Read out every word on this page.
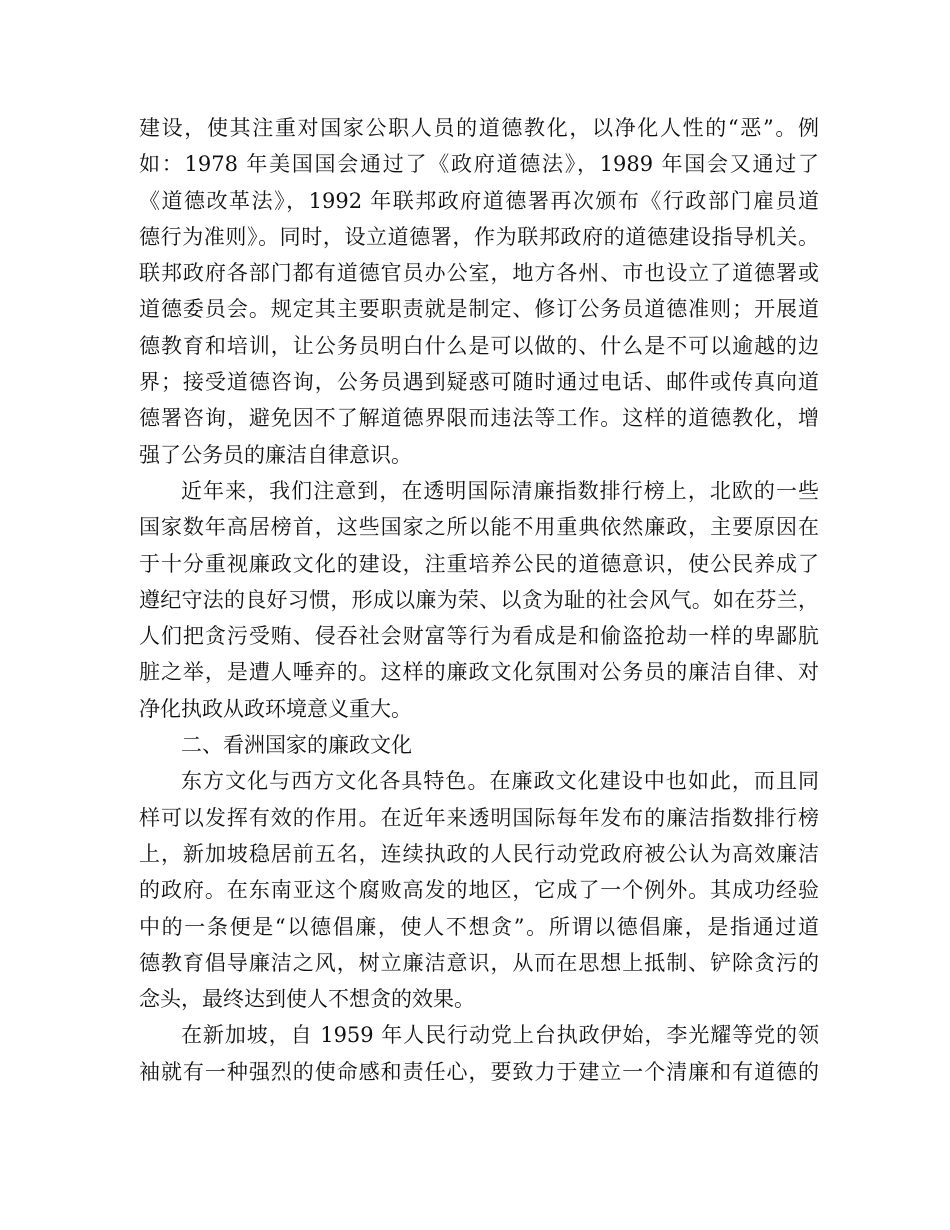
建设，使其注重对国家公职人员的道德教化，以净化人性的“恶”。例
如：1978 年美国国会通过了《政府道德法》，1989 年国会又通过了
《道德改革法》，1992 年联邦政府道德署再次颁布《行政部门雇员道
德行为准则》。同时，设立道德署，作为联邦政府的道德建设指导机关。
联邦政府各部门都有道德官员办公室，地方各州、市也设立了道德署或
道德委员会。规定其主要职责就是制定、修订公务员道德准则；开展道
德教育和培训，让公务员明白什么是可以做的、什么是不可以逾越的边
界；接受道德咨询，公务员遇到疑惑可随时通过电话、邮件或传真向道
德署咨询，避免因不了解道德界限而违法等工作。这样的道德教化，增
强了公务员的廉洁自律意识。
近年来，我们注意到，在透明国际清廉指数排行榜上，北欧的一些
国家数年高居榜首，这些国家之所以能不用重典依然廉政，主要原因在
于十分重视廉政文化的建设，注重培养公民的道德意识，使公民养成了
遵纪守法的良好习惯，形成以廉为荣、以贪为耻的社会风气。如在芬兰，
人们把贪污受贿、侵吞社会财富等行为看成是和偷盗抢劫一样的卑鄙肮
脏之举，是遭人唾弃的。这样的廉政文化氛围对公务员的廉洁自律、对
净化执政从政环境意义重大。
二、看洲国家的廉政文化
东方文化与西方文化各具特色。在廉政文化建设中也如此，而且同
样可以发挥有效的作用。在近年来透明国际每年发布的廉洁指数排行榜
上，新加坡稳居前五名，连续执政的人民行动党政府被公认为高效廉洁
的政府。在东南亚这个腐败高发的地区，它成了一个例外。其成功经验
中的一条便是“以德倡廉，使人不想贪”。所谓以德倡廉，是指通过道
德教育倡导廉洁之风，树立廉洁意识，从而在思想上抵制、铲除贪污的
念头，最终达到使人不想贪的效果。
在新加坡，自 1959 年人民行动党上台执政伊始，李光耀等党的领
袖就有一种强烈的使命感和责任心，要致力于建立一个清廉和有道德的
